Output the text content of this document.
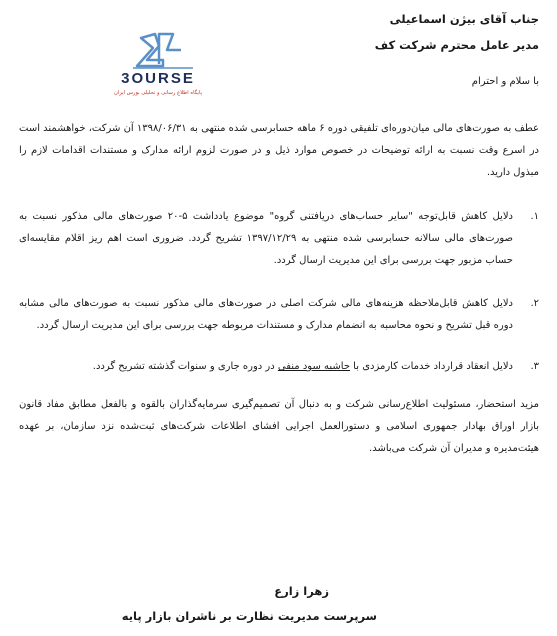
جناب آقای بیژن اسماعیلی
مدیر عامل محترم شرکت کف
3OURSE
پایگاه اطلاع رسانی و تحلیلی بورس ایران
با سلام و احترام
عطف به صورت‌های مالی میان‌دوره‌ای تلفیقی دوره ۶ ماهه حسابرسی شده منتهی به ۱۳۹۸/۰۶/۳۱ آن شرکت، خواهشمند است در اسرع وقت نسبت به ارائه توضیحات در خصوص موارد ذیل و در صورت لزوم ارائه مدارک و مستندات اقدامات لازم را مبذول دارید.
۱.
دلایل کاهش قابل‌توجه "سایر حساب‌های دریافتنی گروه" موضوع یادداشت ۵-۲۰ صورت‌های مالی مذکور نسبت به صورت‌های مالی سالانه حسابرسی شده منتهی به ۱۳۹۷/۱۲/۲۹ تشریح گردد. ضروری است اهم ریز اقلام مقایسه‌ای حساب مزبور جهت بررسی برای این مدیریت ارسال گردد.
۲.
دلایل کاهش قابل‌ملاحظه هزینه‌های مالی شرکت اصلی در صورت‌های مالی مذکور نسبت به صورت‌های مالی مشابه دوره قبل تشریح و نحوه محاسبه به انضمام مدارک و مستندات مربوطه جهت بررسی برای این مدیریت ارسال گردد.
۳.
دلایل انعقاد قرارداد خدمات کارمزدی با حاشیه سود منفی در دوره جاری و سنوات گذشته تشریح گردد.
مزید استحضار، مسئولیت اطلاع‌رسانی شرکت و به دنبال آن تصمیم‌گیری سرمایه‌گذاران بالقوه و بالفعل مطابق مفاد قانون بازار اوراق بهادار جمهوری اسلامی و دستورالعمل اجرایی افشای اطلاعات شرکت‌های ثبت‌شده نزد سازمان، بر عهده هیئت‌مدیره و مدیران آن شرکت می‌باشد.
زهرا زارع
سرپرست مدیریت نظارت بر ناشران بازار پایه
